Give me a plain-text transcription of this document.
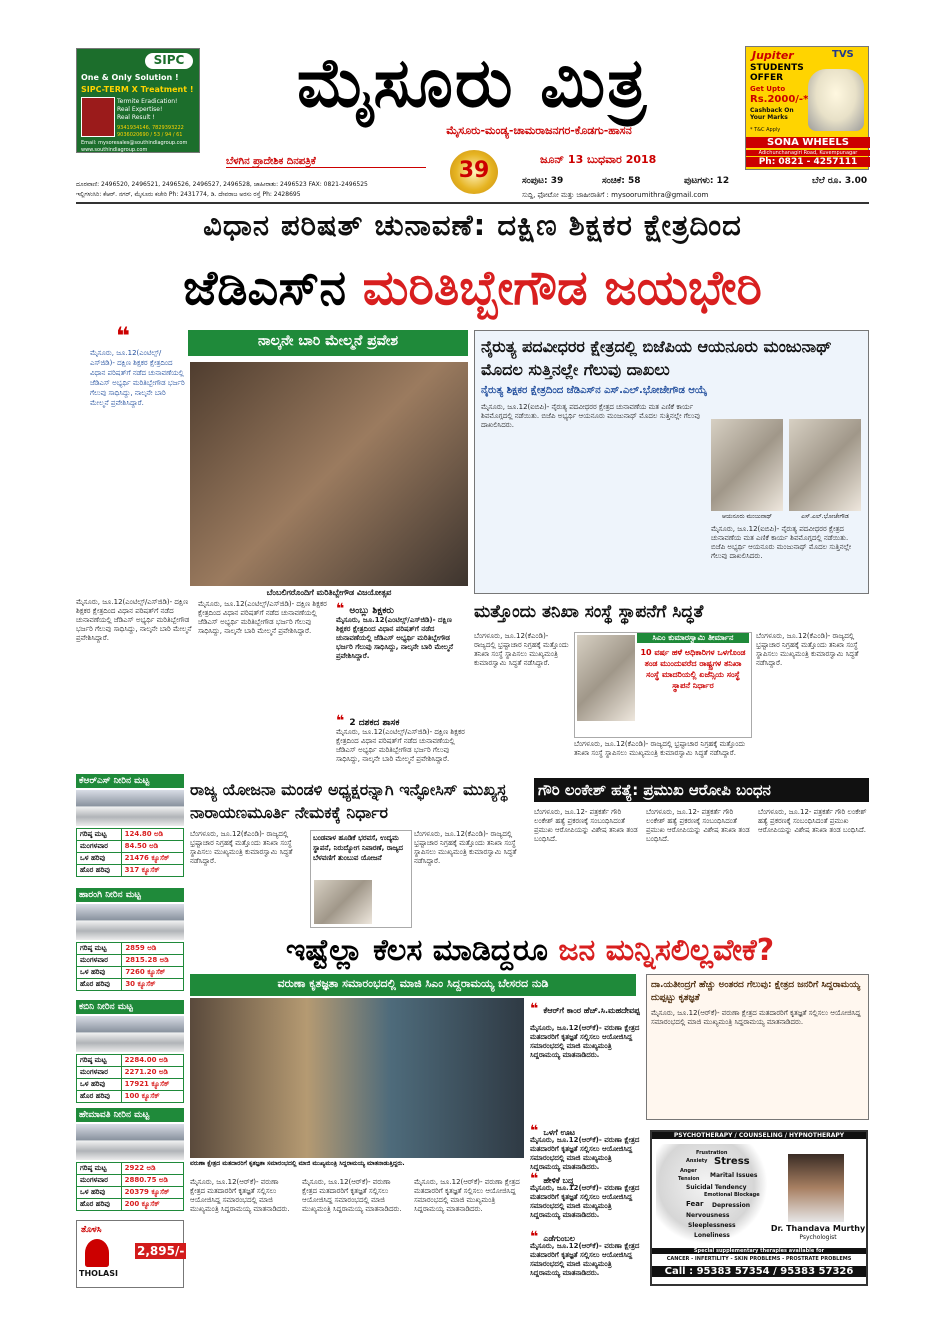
SIPC
One & Only Solution !
SIPC-TERM X Treatment !
Termite Eradication!
Real Expertise!
Real Result !
9341934146, 7829393222
9036020690 / 53 / 94 / 61
Email: mysoresales@southindiagroup.com
www.southindiagroup.com
ಮೈಸೂರು ಮಿತ್ರ
ಮೈಸೂರು-ಮಂಡ್ಯ-ಚಾಮರಾಜನಗರ-ಕೊಡಗು-ಹಾಸನ
ಬೆಳಗಿನ ಪ್ರಾದೇಶಿಕ ದಿನಪತ್ರಿಕೆ	ಜೂನ್ 13 ಬುಧವಾರ 2018
39
Jupiter	TVS
STUDENTS OFFER
Get Upto
Rs.2000/-*
Cashback On Your Marks
* T&C Apply
SONA WHEELS
Adichunchanagiri Road, Kuvempunagar
Ph: 0821 - 4257111
ಸಂಪುಟ: 39	ಸಂಚಿಕೆ: 58	ಪುಟಗಳು: 12	ಬೆಲೆ ರೂ. 3.00
ದೂರವಾಣಿ: 2496520, 2496521, 2496526, 2496527, 2496528, ಜಾಹೀರಾತು: 2496523 FAX: 0821-2496525
ಇಲ್ಲಿಗಳುಸಿರಿ: ಕೆಆರ್. ನಗರ್, ಮೈಸೂರು ಕಚೇರಿ Ph: 2431774, ಡಿ. ದೇವರಾಜ ಅರಸು ರಸ್ತೆ Ph: 2428695	ಸುದ್ದಿ, ಫೋಟೋ ಮತ್ತು ಜಾಹೀರಾತಿಗೆ : mysoorumithra@gmail.com
ವಿಧಾನ ಪರಿಷತ್ ಚುನಾವಣೆ: ದಕ್ಷಿಣ ಶಿಕ್ಷಕರ ಕ್ಷೇತ್ರದಿಂದ
ಜೆಡಿಎಸ್‌ನ ಮರಿತಿಬ್ಬೇಗೌಡ ಜಯಭೇರಿ
❝
ಮೈಸೂರು, ಜೂ.12(ಎಂಟಿಲ್ಸ್/ಎಸ್‌ಜಿಡಿ)- ದಕ್ಷಿಣ ಶಿಕ್ಷಕರ ಕ್ಷೇತ್ರದಿಂದ ವಿಧಾನ ಪರಿಷತ್‌ಗೆ ನಡೆದ ಚುನಾವಣೆಯಲ್ಲಿ ಜೆಡಿಎಸ್ ಅಭ್ಯರ್ಥಿ ಮರಿತಿಬ್ಬೇಗೌಡ ಭರ್ಜರಿ ಗೆಲುವು ಸಾಧಿಸಿದ್ದು, ನಾಲ್ಕನೇ ಬಾರಿ ಮೇಲ್ಮನೆ ಪ್ರವೇಶಿಸಿದ್ದಾರೆ.
ನಾಲ್ಕನೇ ಬಾರಿ ಮೇಲ್ಮನೆ ಪ್ರವೇಶ
ಬೆಂಬಲಿಗರೊಂದಿಗೆ ಮರಿತಿಬ್ಬೇಗೌಡ ವಿಜಯೋತ್ಸವ
ಮೈಸೂರು, ಜೂ.12(ಎಂಟಿಲ್ಸ್/ಎಸ್‌ಜಿಡಿ)- ದಕ್ಷಿಣ ಶಿಕ್ಷಕರ ಕ್ಷೇತ್ರದಿಂದ ವಿಧಾನ ಪರಿಷತ್‌ಗೆ ನಡೆದ ಚುನಾವಣೆಯಲ್ಲಿ ಜೆಡಿಎಸ್ ಅಭ್ಯರ್ಥಿ ಮರಿತಿಬ್ಬೇಗೌಡ ಭರ್ಜರಿ ಗೆಲುವು ಸಾಧಿಸಿದ್ದು, ನಾಲ್ಕನೇ ಬಾರಿ ಮೇಲ್ಮನೆ ಪ್ರವೇಶಿಸಿದ್ದಾರೆ.
ಮೈಸೂರು, ಜೂ.12(ಎಂಟಿಲ್ಸ್/ಎಸ್‌ಜಿಡಿ)- ದಕ್ಷಿಣ ಶಿಕ್ಷಕರ ಕ್ಷೇತ್ರದಿಂದ ವಿಧಾನ ಪರಿಷತ್‌ಗೆ ನಡೆದ ಚುನಾವಣೆಯಲ್ಲಿ ಜೆಡಿಎಸ್ ಅಭ್ಯರ್ಥಿ ಮರಿತಿಬ್ಬೇಗೌಡ ಭರ್ಜರಿ ಗೆಲುವು ಸಾಧಿಸಿದ್ದು, ನಾಲ್ಕನೇ ಬಾರಿ ಮೇಲ್ಮನೆ ಪ್ರವೇಶಿಸಿದ್ದಾರೆ.
❝ ಅಂಬ್ಲು ಶಿಕ್ಷಕರು
ಮೈಸೂರು, ಜೂ.12(ಎಂಟಿಲ್ಸ್/ಎಸ್‌ಜಿಡಿ)- ದಕ್ಷಿಣ ಶಿಕ್ಷಕರ ಕ್ಷೇತ್ರದಿಂದ ವಿಧಾನ ಪರಿಷತ್‌ಗೆ ನಡೆದ ಚುನಾವಣೆಯಲ್ಲಿ ಜೆಡಿಎಸ್ ಅಭ್ಯರ್ಥಿ ಮರಿತಿಬ್ಬೇಗೌಡ ಭರ್ಜರಿ ಗೆಲುವು ಸಾಧಿಸಿದ್ದು, ನಾಲ್ಕನೇ ಬಾರಿ ಮೇಲ್ಮನೆ ಪ್ರವೇಶಿಸಿದ್ದಾರೆ.
❝ 2 ದಶಕದ ಶಾಸಕ
ಮೈಸೂರು, ಜೂ.12(ಎಂಟಿಲ್ಸ್/ಎಸ್‌ಜಿಡಿ)- ದಕ್ಷಿಣ ಶಿಕ್ಷಕರ ಕ್ಷೇತ್ರದಿಂದ ವಿಧಾನ ಪರಿಷತ್‌ಗೆ ನಡೆದ ಚುನಾವಣೆಯಲ್ಲಿ ಜೆಡಿಎಸ್ ಅಭ್ಯರ್ಥಿ ಮರಿತಿಬ್ಬೇಗೌಡ ಭರ್ಜರಿ ಗೆಲುವು ಸಾಧಿಸಿದ್ದು, ನಾಲ್ಕನೇ ಬಾರಿ ಮೇಲ್ಮನೆ ಪ್ರವೇಶಿಸಿದ್ದಾರೆ.
ನೈರುತ್ಯ ಪದವೀಧರರ ಕ್ಷೇತ್ರದಲ್ಲಿ ಬಿಜೆಪಿಯ ಆಯನೂರು ಮಂಜುನಾಥ್ ಮೊದಲ ಸುತ್ತಿನಲ್ಲೇ ಗೆಲುವು ದಾಖಲು
ನೈರುತ್ಯ ಶಿಕ್ಷಕರ ಕ್ಷೇತ್ರದಿಂದ ಜೆಡಿಎಸ್‌ನ ಎಸ್.ಎಲ್.ಭೋಜೇಗೌಡ ಆಯ್ಕೆ
ಮೈಸೂರು, ಜೂ.12(ಐಬಿಪಿ)- ನೈರುತ್ಯ ಪದವೀಧರರ ಕ್ಷೇತ್ರದ ಚುನಾವಣೆಯ ಮತ ಎಣಿಕೆ ಕಾರ್ಯ ಶಿವಮೊಗ್ಗದಲ್ಲಿ ನಡೆಯಿತು. ಬಿಜೆಪಿ ಅಭ್ಯರ್ಥಿ ಆಯನೂರು ಮಂಜುನಾಥ್ ಮೊದಲ ಸುತ್ತಿನಲ್ಲೇ ಗೆಲುವು ದಾಖಲಿಸಿದರು.
ಆಯನೂರು ಮಂಜುನಾಥ್	ಎಸ್.ಎಲ್.ಭೋಜೇಗೌಡ
ಮೈಸೂರು, ಜೂ.12(ಐಬಿಪಿ)- ನೈರುತ್ಯ ಪದವೀಧರರ ಕ್ಷೇತ್ರದ ಚುನಾವಣೆಯ ಮತ ಎಣಿಕೆ ಕಾರ್ಯ ಶಿವಮೊಗ್ಗದಲ್ಲಿ ನಡೆಯಿತು. ಬಿಜೆಪಿ ಅಭ್ಯರ್ಥಿ ಆಯನೂರು ಮಂಜುನಾಥ್ ಮೊದಲ ಸುತ್ತಿನಲ್ಲೇ ಗೆಲುವು ದಾಖಲಿಸಿದರು.
ಮತ್ತೊಂದು ತನಿಖಾ ಸಂಸ್ಥೆ ಸ್ಥಾಪನೆಗೆ ಸಿದ್ಧತೆ
ಬೆಂಗಳೂರು, ಜೂ.12(ಕೆಎಂಡಿ)- ರಾಜ್ಯದಲ್ಲಿ ಭ್ರಷ್ಟಾಚಾರ ನಿಗ್ರಹಕ್ಕೆ ಮತ್ತೊಂದು ತನಿಖಾ ಸಂಸ್ಥೆ ಸ್ಥಾಪಿಸಲು ಮುಖ್ಯಮಂತ್ರಿ ಕುಮಾರಸ್ವಾಮಿ ಸಿದ್ಧತೆ ನಡೆಸಿದ್ದಾರೆ.
ಸಿಎಂ ಕುಮಾರಸ್ವಾಮಿ ತೀರ್ಮಾನ
10 ವರ್ಷ ಹಳೆ ಅಧಿಕಾರಿಗಳ ಒಳಗೊಂಡ ತಂಡ ಮುಂದುವರೆದ ರಾಷ್ಟ್ರಗಳ ತನಿಖಾ ಸಂಸ್ಥೆ ಮಾದರಿಯಲ್ಲಿ ಏಜೆನ್ಸಿಯ ಸಂಸ್ಥೆ ಸ್ಥಾಪನೆ ನಿರ್ಧಾರ
ಬೆಂಗಳೂರು, ಜೂ.12(ಕೆಎಂಡಿ)- ರಾಜ್ಯದಲ್ಲಿ ಭ್ರಷ್ಟಾಚಾರ ನಿಗ್ರಹಕ್ಕೆ ಮತ್ತೊಂದು ತನಿಖಾ ಸಂಸ್ಥೆ ಸ್ಥಾಪಿಸಲು ಮುಖ್ಯಮಂತ್ರಿ ಕುಮಾರಸ್ವಾಮಿ ಸಿದ್ಧತೆ ನಡೆಸಿದ್ದಾರೆ.
ಬೆಂಗಳೂರು, ಜೂ.12(ಕೆಎಂಡಿ)- ರಾಜ್ಯದಲ್ಲಿ ಭ್ರಷ್ಟಾಚಾರ ನಿಗ್ರಹಕ್ಕೆ ಮತ್ತೊಂದು ತನಿಖಾ ಸಂಸ್ಥೆ ಸ್ಥಾಪಿಸಲು ಮುಖ್ಯಮಂತ್ರಿ ಕುಮಾರಸ್ವಾಮಿ ಸಿದ್ಧತೆ ನಡೆಸಿದ್ದಾರೆ.
ಕೆಆರ್‌ಎಸ್ ನೀರಿನ ಮಟ್ಟ
ಗರಿಷ್ಠ ಮಟ್ಟ	124.80 ಅಡಿ
ಮಂಗಳವಾರ	84.50 ಅಡಿ
ಒಳ ಹರಿವು	21476 ಕ್ಯೂಸೆಕ್
ಹೊರ ಹರಿವು	317 ಕ್ಯೂಸೆಕ್
ಹಾರಂಗಿ ನೀರಿನ ಮಟ್ಟ
ಗರಿಷ್ಠ ಮಟ್ಟ	2859 ಅಡಿ
ಮಂಗಳವಾರ	2815.28 ಅಡಿ
ಒಳ ಹರಿವು	7260 ಕ್ಯೂಸೆಕ್
ಹೊರ ಹರಿವು	30 ಕ್ಯೂಸೆಕ್
ಕಬಿನಿ ನೀರಿನ ಮಟ್ಟ
ಗರಿಷ್ಠ ಮಟ್ಟ	2284.00 ಅಡಿ
ಮಂಗಳವಾರ	2271.20 ಅಡಿ
ಒಳ ಹರಿವು	17921 ಕ್ಯೂಸೆಕ್
ಹೊರ ಹರಿವು	100 ಕ್ಯೂಸೆಕ್
ಹೇಮಾವತಿ ನೀರಿನ ಮಟ್ಟ
ಗರಿಷ್ಠ ಮಟ್ಟ	2922 ಅಡಿ
ಮಂಗಳವಾರ	2880.75 ಅಡಿ
ಒಳ ಹರಿವು	20379 ಕ್ಯೂಸೆಕ್
ಹೊರ ಹರಿವು	200 ಕ್ಯೂಸೆಕ್
ತೊಳಸಿ
THOLASI
2,895/-
ರಾಜ್ಯ ಯೋಜನಾ ಮಂಡಳಿ ಅಧ್ಯಕ್ಷರನ್ನಾಗಿ ಇನ್ಫೋಸಿಸ್ ಮುಖ್ಯಸ್ಥ ನಾರಾಯಣಮೂರ್ತಿ ನೇಮಕಕ್ಕೆ ನಿರ್ಧಾರ
ಬೆಂಗಳೂರು, ಜೂ.12(ಕೆಎಂಡಿ)- ರಾಜ್ಯದಲ್ಲಿ ಭ್ರಷ್ಟಾಚಾರ ನಿಗ್ರಹಕ್ಕೆ ಮತ್ತೊಂದು ತನಿಖಾ ಸಂಸ್ಥೆ ಸ್ಥಾಪಿಸಲು ಮುಖ್ಯಮಂತ್ರಿ ಕುಮಾರಸ್ವಾಮಿ ಸಿದ್ಧತೆ ನಡೆಸಿದ್ದಾರೆ.
ಬಂಡವಾಳ ಹೂಡಿಕೆ ಭರವಸೆ, ಉದ್ಯಮ ಸ್ಥಾಪನೆ, ನಿರುದ್ಯೋಗ ನಿವಾರಣೆ, ರಾಜ್ಯದ ಬೆಳವಣಿಗೆ ತುಂಬುವ ಯೋಜನೆ
ಬೆಂಗಳೂರು, ಜೂ.12(ಕೆಎಂಡಿ)- ರಾಜ್ಯದಲ್ಲಿ ಭ್ರಷ್ಟಾಚಾರ ನಿಗ್ರಹಕ್ಕೆ ಮತ್ತೊಂದು ತನಿಖಾ ಸಂಸ್ಥೆ ಸ್ಥಾಪಿಸಲು ಮುಖ್ಯಮಂತ್ರಿ ಕುಮಾರಸ್ವಾಮಿ ಸಿದ್ಧತೆ ನಡೆಸಿದ್ದಾರೆ.
ಗೌರಿ ಲಂಕೇಶ್ ಹತ್ಯೆ: ಪ್ರಮುಖ ಆರೋಪಿ ಬಂಧನ
ಬೆಂಗಳೂರು, ಜೂ.12- ಪತ್ರಕರ್ತೆ ಗೌರಿ ಲಂಕೇಶ್ ಹತ್ಯೆ ಪ್ರಕರಣಕ್ಕೆ ಸಂಬಂಧಿಸಿದಂತೆ ಪ್ರಮುಖ ಆರೋಪಿಯನ್ನು ವಿಶೇಷ ತನಿಖಾ ತಂಡ ಬಂಧಿಸಿದೆ.
ಬೆಂಗಳೂರು, ಜೂ.12- ಪತ್ರಕರ್ತೆ ಗೌರಿ ಲಂಕೇಶ್ ಹತ್ಯೆ ಪ್ರಕರಣಕ್ಕೆ ಸಂಬಂಧಿಸಿದಂತೆ ಪ್ರಮುಖ ಆರೋಪಿಯನ್ನು ವಿಶೇಷ ತನಿಖಾ ತಂಡ ಬಂಧಿಸಿದೆ.
ಬೆಂಗಳೂರು, ಜೂ.12- ಪತ್ರಕರ್ತೆ ಗೌರಿ ಲಂಕೇಶ್ ಹತ್ಯೆ ಪ್ರಕರಣಕ್ಕೆ ಸಂಬಂಧಿಸಿದಂತೆ ಪ್ರಮುಖ ಆರೋಪಿಯನ್ನು ವಿಶೇಷ ತನಿಖಾ ತಂಡ ಬಂಧಿಸಿದೆ.
ಇಷ್ಟೆಲ್ಲಾ ಕೆಲಸ ಮಾಡಿದ್ದರೂ ಜನ ಮನ್ನಿಸಲಿಲ್ಲವೇಕೆ?
ವರುಣಾ ಕೃತಜ್ಞತಾ ಸಮಾರಂಭದಲ್ಲಿ ಮಾಜಿ ಸಿಎಂ ಸಿದ್ದರಾಮಯ್ಯ ಬೇಸರದ ನುಡಿ
ವರುಣಾ ಕ್ಷೇತ್ರದ ಮತದಾರರಿಗೆ ಕೃತಜ್ಞತಾ ಸಮಾರಂಭದಲ್ಲಿ ಮಾಜಿ ಮುಖ್ಯಮಂತ್ರಿ ಸಿದ್ದರಾಮಯ್ಯ ಮಾತನಾಡುತ್ತಿದ್ದರು.
❝ ಕೆಆರ್‌ಗೆ ಕಾಂರ ಹೆಚ್.ಸಿ.ಮಹದೇವಪ್ಪ
ಮೈಸೂರು, ಜೂ.12(ಆರ್‌ಕೆ)- ವರುಣಾ ಕ್ಷೇತ್ರದ ಮತದಾರರಿಗೆ ಕೃತಜ್ಞತೆ ಸಲ್ಲಿಸಲು ಆಯೋಜಿಸಿದ್ದ ಸಮಾರಂಭದಲ್ಲಿ ಮಾಜಿ ಮುಖ್ಯಮಂತ್ರಿ ಸಿದ್ದರಾಮಯ್ಯ ಮಾತನಾಡಿದರು.
❝ ಒಳಗೆ ಊಟ
ಮೈಸೂರು, ಜೂ.12(ಆರ್‌ಕೆ)- ವರುಣಾ ಕ್ಷೇತ್ರದ ಮತದಾರರಿಗೆ ಕೃತಜ್ಞತೆ ಸಲ್ಲಿಸಲು ಆಯೋಜಿಸಿದ್ದ ಸಮಾರಂಭದಲ್ಲಿ ಮಾಜಿ ಮುಖ್ಯಮಂತ್ರಿ ಸಿದ್ದರಾಮಯ್ಯ ಮಾತನಾಡಿದರು.
❝ ಹೇಳಿಕೆ ಬದ್ಧ
ಮೈಸೂರು, ಜೂ.12(ಆರ್‌ಕೆ)- ವರುಣಾ ಕ್ಷೇತ್ರದ ಮತದಾರರಿಗೆ ಕೃತಜ್ಞತೆ ಸಲ್ಲಿಸಲು ಆಯೋಜಿಸಿದ್ದ ಸಮಾರಂಭದಲ್ಲಿ ಮಾಜಿ ಮುಖ್ಯಮಂತ್ರಿ ಸಿದ್ದರಾಮಯ್ಯ ಮಾತನಾಡಿದರು.
❝ ಎಡೆಗುಂಬಲ
ಮೈಸೂರು, ಜೂ.12(ಆರ್‌ಕೆ)- ವರುಣಾ ಕ್ಷೇತ್ರದ ಮತದಾರರಿಗೆ ಕೃತಜ್ಞತೆ ಸಲ್ಲಿಸಲು ಆಯೋಜಿಸಿದ್ದ ಸಮಾರಂಭದಲ್ಲಿ ಮಾಜಿ ಮುಖ್ಯಮಂತ್ರಿ ಸಿದ್ದರಾಮಯ್ಯ ಮಾತನಾಡಿದರು.
ಮೈಸೂರು, ಜೂ.12(ಆರ್‌ಕೆ)- ವರುಣಾ ಕ್ಷೇತ್ರದ ಮತದಾರರಿಗೆ ಕೃತಜ್ಞತೆ ಸಲ್ಲಿಸಲು ಆಯೋಜಿಸಿದ್ದ ಸಮಾರಂಭದಲ್ಲಿ ಮಾಜಿ ಮುಖ್ಯಮಂತ್ರಿ ಸಿದ್ದರಾಮಯ್ಯ ಮಾತನಾಡಿದರು.
ಮೈಸೂರು, ಜೂ.12(ಆರ್‌ಕೆ)- ವರುಣಾ ಕ್ಷೇತ್ರದ ಮತದಾರರಿಗೆ ಕೃತಜ್ಞತೆ ಸಲ್ಲಿಸಲು ಆಯೋಜಿಸಿದ್ದ ಸಮಾರಂಭದಲ್ಲಿ ಮಾಜಿ ಮುಖ್ಯಮಂತ್ರಿ ಸಿದ್ದರಾಮಯ್ಯ ಮಾತನಾಡಿದರು.
ಮೈಸೂರು, ಜೂ.12(ಆರ್‌ಕೆ)- ವರುಣಾ ಕ್ಷೇತ್ರದ ಮತದಾರರಿಗೆ ಕೃತಜ್ಞತೆ ಸಲ್ಲಿಸಲು ಆಯೋಜಿಸಿದ್ದ ಸಮಾರಂಭದಲ್ಲಿ ಮಾಜಿ ಮುಖ್ಯಮಂತ್ರಿ ಸಿದ್ದರಾಮಯ್ಯ ಮಾತನಾಡಿದರು.
ದಾ.ಯತೀಂದ್ರಗೆ ಹೆಚ್ಚು ಅಂತರದ ಗೆಲುವು: ಕ್ಷೇತ್ರದ ಜನರಿಗೆ ಸಿದ್ದರಾಮಯ್ಯ ದುಪ್ಪಟ್ಟು ಕೃತಜ್ಞತೆ
ಮೈಸೂರು, ಜೂ.12(ಆರ್‌ಕೆ)- ವರುಣಾ ಕ್ಷೇತ್ರದ ಮತದಾರರಿಗೆ ಕೃತಜ್ಞತೆ ಸಲ್ಲಿಸಲು ಆಯೋಜಿಸಿದ್ದ ಸಮಾರಂಭದಲ್ಲಿ ಮಾಜಿ ಮುಖ್ಯಮಂತ್ರಿ ಸಿದ್ದರಾಮಯ್ಯ ಮಾತನಾಡಿದರು.
PSYCHOTHERAPY / COUNSELING / HYPNOTHERAPY
Frustration
Anxiety Stress
Anger
Tension Marital Issues
Suicidal Tendency
Emotional Blockage
Fear Depression
Nervousness
Sleeplessness
Loneliness
Dr. Thandava Murthy
Psychologist
Special supplementary therapies available for
CANCER - INFERTILITY - SKIN PROBLEMS - PROSTRATE PROBLEMS
Call : 95383 57354 / 95383 57326
